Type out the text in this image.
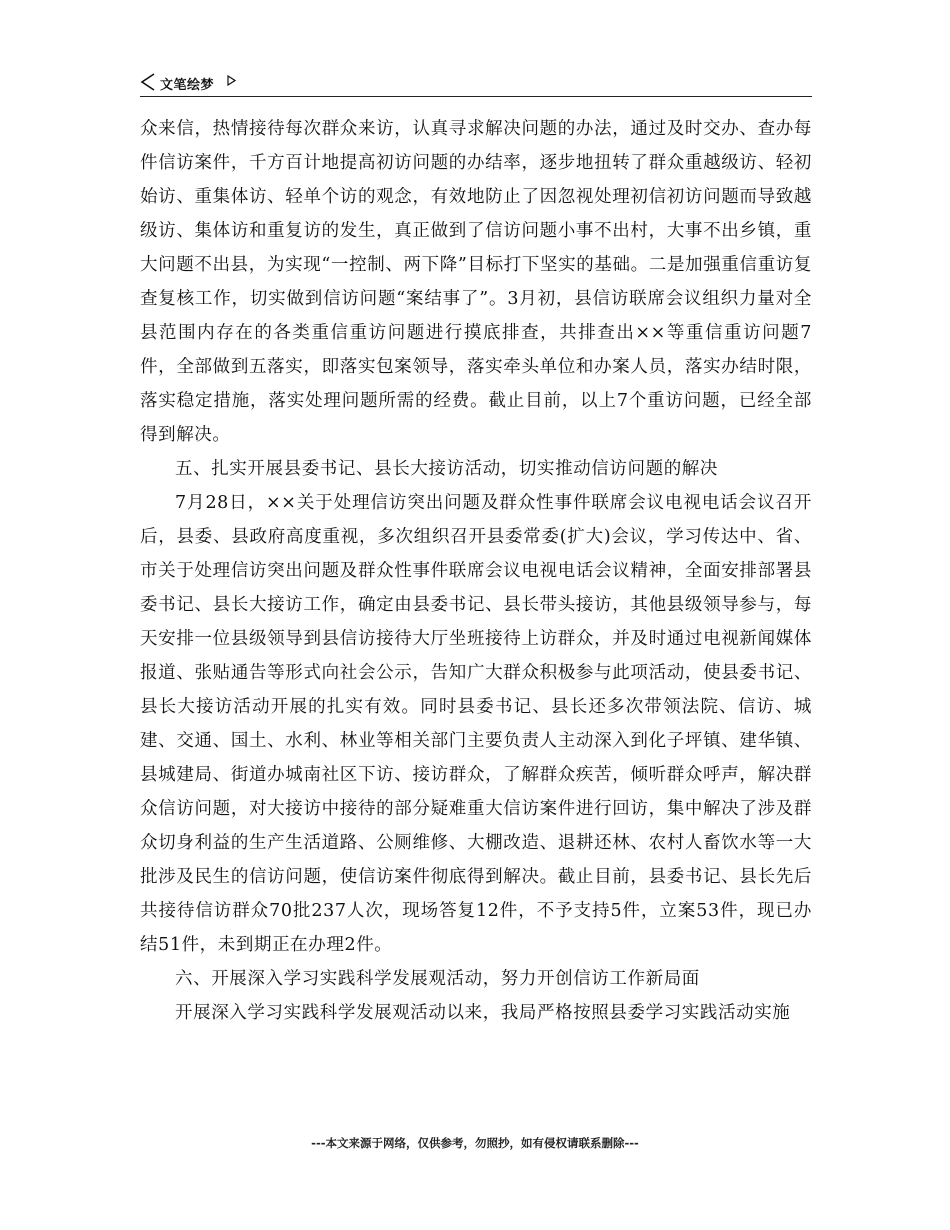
文笔绘梦

众来信，热情接待每次群众来访，认真寻求解决问题的办法，通过及时交办、查办每件信访案件，千方百计地提高初访问题的办结率，逐步地扭转了群众重越级访、轻初始访、重集体访、轻单个访的观念，有效地防止了因忽视处理初信初访问题而导致越级访、集体访和重复访的发生，真正做到了信访问题小事不出村，大事不出乡镇，重大问题不出县，为实现“一控制、两下降”目标打下坚实的基础。二是加强重信重访复查复核工作，切实做到信访问题“案结事了”。3月初，县信访联席会议组织力量对全县范围内存在的各类重信重访问题进行摸底排查，共排查出××等重信重访问题7件，全部做到五落实，即落实包案领导，落实牵头单位和办案人员，落实办结时限，落实稳定措施，落实处理问题所需的经费。截止目前，以上7个重访问题，已经全部得到解决。

五、扎实开展县委书记、县长大接访活动，切实推动信访问题的解决

7月28日，××关于处理信访突出问题及群众性事件联席会议电视电话会议召开后，县委、县政府高度重视，多次组织召开县委常委(扩大)会议，学习传达中、省、市关于处理信访突出问题及群众性事件联席会议电视电话会议精神，全面安排部署县委书记、县长大接访工作，确定由县委书记、县长带头接访，其他县级领导参与，每天安排一位县级领导到县信访接待大厅坐班接待上访群众，并及时通过电视新闻媒体报道、张贴通告等形式向社会公示，告知广大群众积极参与此项活动，使县委书记、县长大接访活动开展的扎实有效。同时县委书记、县长还多次带领法院、信访、城建、交通、国土、水利、林业等相关部门主要负责人主动深入到化子坪镇、建华镇、县城建局、街道办城南社区下访、接访群众，了解群众疾苦，倾听群众呼声，解决群众信访问题，对大接访中接待的部分疑难重大信访案件进行回访，集中解决了涉及群众切身利益的生产生活道路、公厕维修、大棚改造、退耕还林、农村人畜饮水等一大批涉及民生的信访问题，使信访案件彻底得到解决。截止目前，县委书记、县长先后共接待信访群众70批237人次，现场答复12件，不予支持5件，立案53件，现已办结51件，未到期正在办理2件。

六、开展深入学习实践科学发展观活动，努力开创信访工作新局面

开展深入学习实践科学发展观活动以来，我局严格按照县委学习实践活动实施

---本文来源于网络，仅供参考，勿照抄，如有侵权请联系删除---
